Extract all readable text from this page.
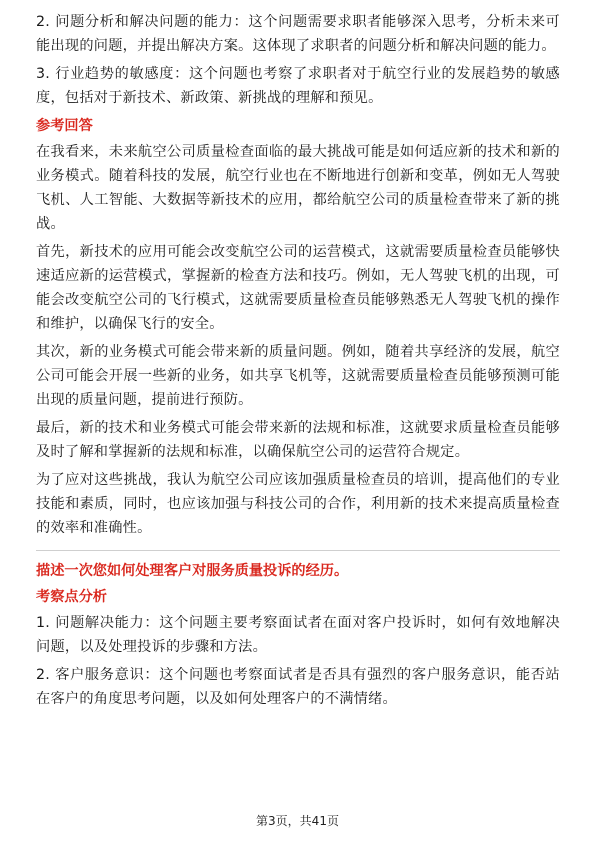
2. 问题分析和解决问题的能力：这个问题需要求职者能够深入思考，分析未来可能出现的问题，并提出解决方案。这体现了求职者的问题分析和解决问题的能力。

3. 行业趋势的敏感度：这个问题也考察了求职者对于航空行业的发展趋势的敏感度，包括对于新技术、新政策、新挑战的理解和预见。

参考回答

在我看来，未来航空公司质量检查面临的最大挑战可能是如何适应新的技术和新的业务模式。随着科技的发展，航空行业也在不断地进行创新和变革，例如无人驾驶飞机、人工智能、大数据等新技术的应用，都给航空公司的质量检查带来了新的挑战。

首先，新技术的应用可能会改变航空公司的运营模式，这就需要质量检查员能够快速适应新的运营模式，掌握新的检查方法和技巧。例如，无人驾驶飞机的出现，可能会改变航空公司的飞行模式，这就需要质量检查员能够熟悉无人驾驶飞机的操作和维护，以确保飞行的安全。

其次，新的业务模式可能会带来新的质量问题。例如，随着共享经济的发展，航空公司可能会开展一些新的业务，如共享飞机等，这就需要质量检查员能够预测可能出现的质量问题，提前进行预防。

最后，新的技术和业务模式可能会带来新的法规和标准，这就要求质量检查员能够及时了解和掌握新的法规和标准，以确保航空公司的运营符合规定。

为了应对这些挑战，我认为航空公司应该加强质量检查员的培训，提高他们的专业技能和素质，同时，也应该加强与科技公司的合作，利用新的技术来提高质量检查的效率和准确性。

描述一次您如何处理客户对服务质量投诉的经历。
考察点分析

1. 问题解决能力：这个问题主要考察面试者在面对客户投诉时，如何有效地解决问题，以及处理投诉的步骤和方法。

2. 客户服务意识：这个问题也考察面试者是否具有强烈的客户服务意识，能否站在客户的角度思考问题，以及如何处理客户的不满情绪。

第3页，共41页
